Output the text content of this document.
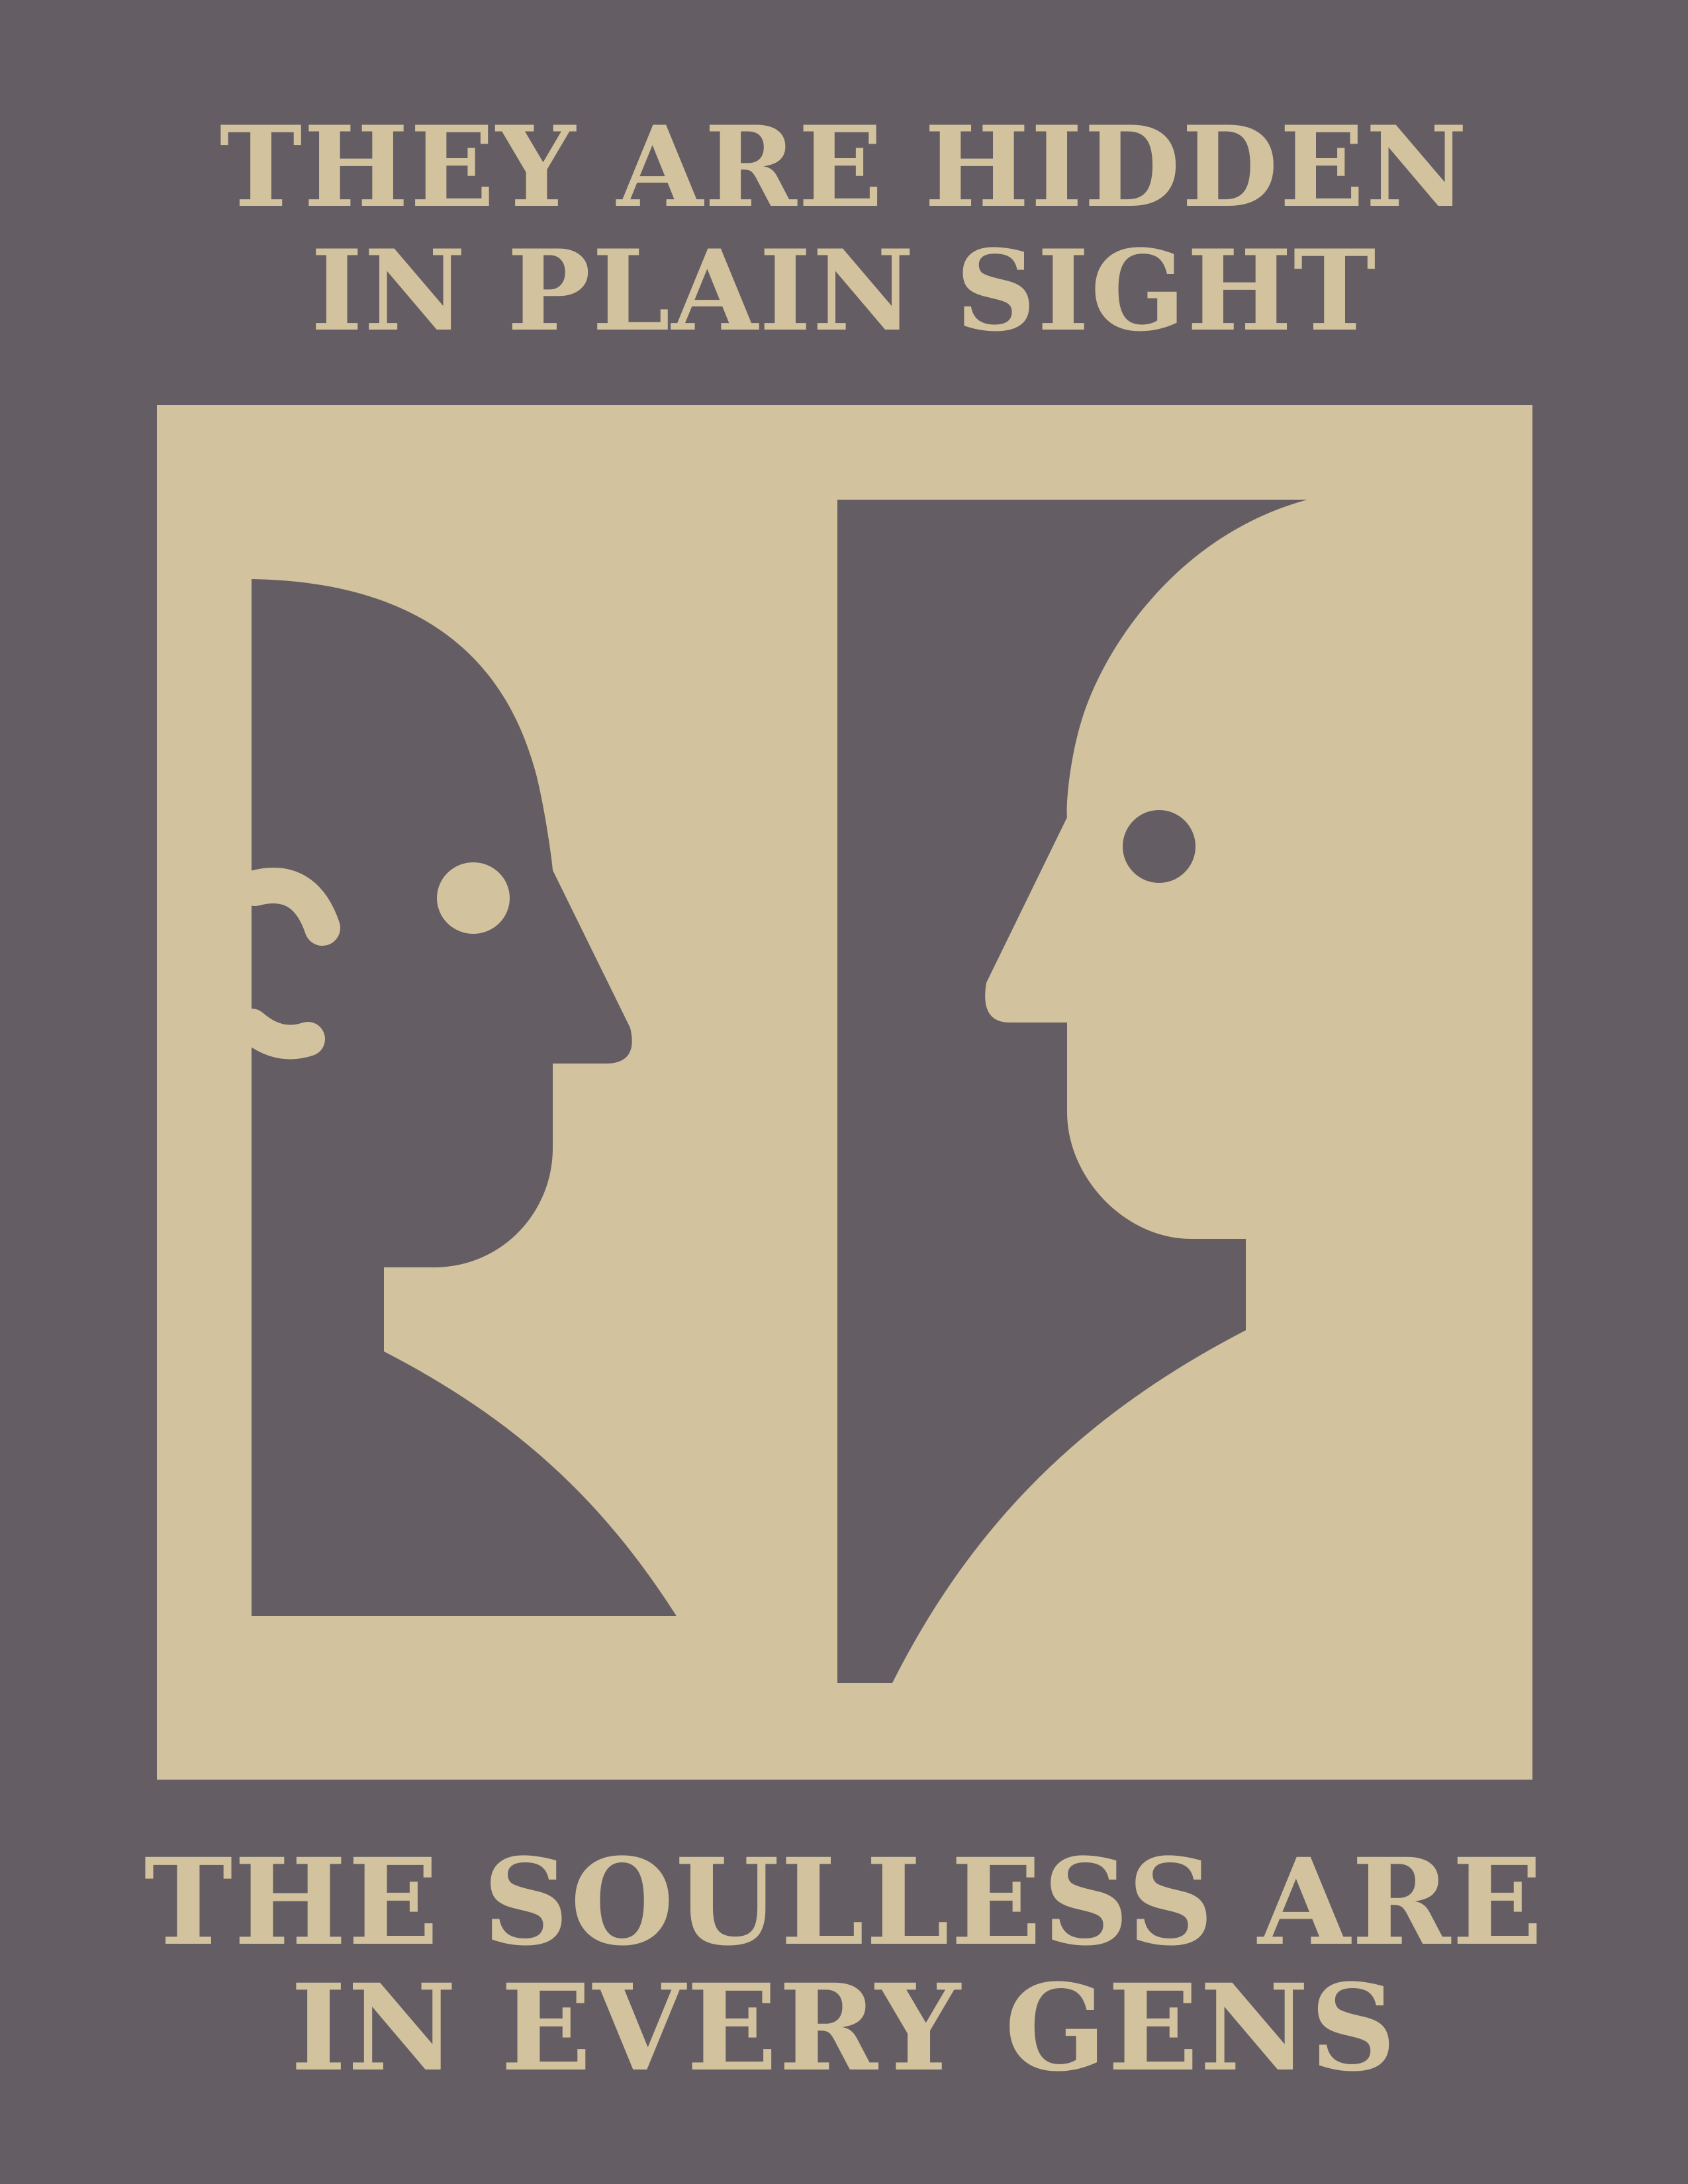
THEY ARE HIDDEN
IN PLAIN SIGHT
THE SOULLESS ARE
IN EVERY GENS
